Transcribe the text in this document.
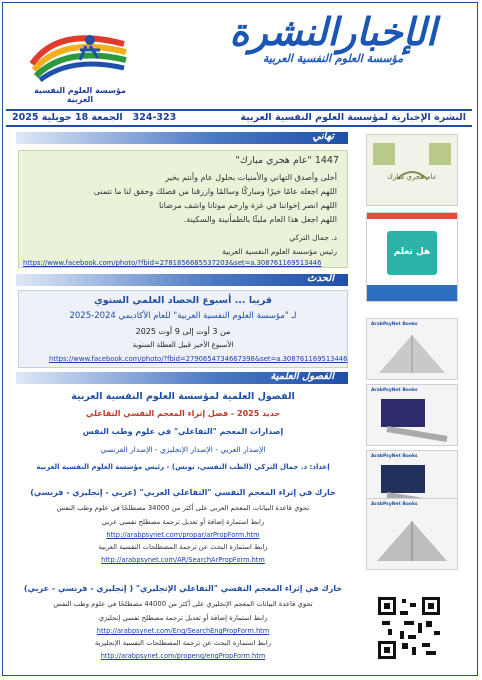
مؤسسة العلوم النفسية العربية
الإخبارالنشرة
مؤسسة العلوم النفسية العربية
النشرة الإخبارية لمؤسسة العلوم النفسية العربية
324-323   الجمعة 18 جويلية 2025
تهاني
1447 "عام هجري مبارك"
أحلى وأصدق التهاني والأمنيات بحلول عام وأنتم بخير
اللهم اجعله عامًا خيرًا ومباركًا وسالمًا وارزقنا من فضلك وحقق لنا ما نتمنى
اللهم انصر إخواننا في غزة وارحم موتانا واشف مرضانا
اللهم اجعل هذا العام مليئًا بالطمأنينة والسكينة.
د. جمال التركي
رئيس مؤسسة العلوم النفسية العربية
https://www.facebook.com/photo/?fbid=2781856685537203&set=a.308761169513446
الحدث
قريبا ... أسبوع الحصاد العلمي السنوي
لـ "مؤسسة العلوم النفسية العربية" للعام الأكاديمي 2024-2025
من 3 أوت إلى 9 أوت 2025
الأسبوع الأخير قبيل العطلة السنوية
https://www.facebook.com/photo/?fbid=2790654734667398&set=a.308761169513446
الفصول العلمية
الفصول العلمية لمؤسسة العلوم النفسية العربية
جديد 2025 - فصل إثراء المعجم النفسي التفاعلي
إصدارات المعجم "التفاعلي" في علوم وطب النفس
الإصدار العربي - الإصدار الإنجليزي - الإصدار الفرنسي
إعداد: د. جمال التركي (الطب النفسي، تونس) - رئيس مؤسسة العلوم النفسية العربية
خارك في إثراء المعجم النفسي "التفاعلي العربي" (عربي - إنجليزي - فرنسي)
تحوي قاعدة البيانات المعجم العربي على أكثر من 34000 مصطلحًا في علوم وطب النفس
رابط استمارة إضافة أو تعديل ترجمة مصطلح نفسي عربي
http://arabpsynet.com/propar/arPropForm.htm
رابط استمارة البحث عن ترجمة المصطلحات النفسية العربية
http://arabpsynet.com/AR/SearchArPropForm.htm
خارك في إثراء المعجم النفسي "التفاعلي الإنجليزي" ( إنجليزي - فرنسي - عربي)
تحوي قاعدة البيانات المعجم الإنجليزي على أكثر من 44000 مصطلحًا في علوم وطب النفس
رابط استمارة إضافة أو تعديل ترجمة مصطلح نفسي إنجليزي
http://arabpsynet.com/Eng/SearchEngPropForm.htm
رابط استمارة البحث عن ترجمة المصطلحات النفسية الإنجليزية
http://arabpsynet.com/propeng/engPropForm.htm
عام هجري مبارك
هل تعلم
ArabPsyNet Books
ArabPsyNet Books
ArabPsyNet Books
ArabPsyNet Books
